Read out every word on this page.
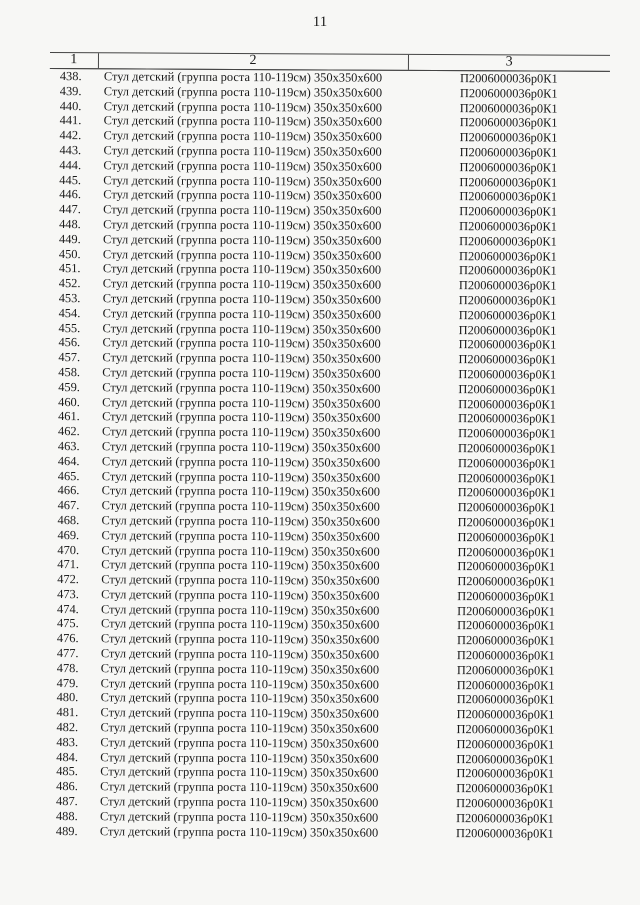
11
1	2	3
438.	Стул детский (группа роста 110-119см) 350х350х600	П2006000036р0К1
439.	Стул детский (группа роста 110-119см) 350х350х600	П2006000036р0К1
440.	Стул детский (группа роста 110-119см) 350х350х600	П2006000036р0К1
441.	Стул детский (группа роста 110-119см) 350х350х600	П2006000036р0К1
442.	Стул детский (группа роста 110-119см) 350х350х600	П2006000036р0К1
443.	Стул детский (группа роста 110-119см) 350х350х600	П2006000036р0К1
444.	Стул детский (группа роста 110-119см) 350х350х600	П2006000036р0К1
445.	Стул детский (группа роста 110-119см) 350х350х600	П2006000036р0К1
446.	Стул детский (группа роста 110-119см) 350х350х600	П2006000036р0К1
447.	Стул детский (группа роста 110-119см) 350х350х600	П2006000036р0К1
448.	Стул детский (группа роста 110-119см) 350х350х600	П2006000036р0К1
449.	Стул детский (группа роста 110-119см) 350х350х600	П2006000036р0К1
450.	Стул детский (группа роста 110-119см) 350х350х600	П2006000036р0К1
451.	Стул детский (группа роста 110-119см) 350х350х600	П2006000036р0К1
452.	Стул детский (группа роста 110-119см) 350х350х600	П2006000036р0К1
453.	Стул детский (группа роста 110-119см) 350х350х600	П2006000036р0К1
454.	Стул детский (группа роста 110-119см) 350х350х600	П2006000036р0К1
455.	Стул детский (группа роста 110-119см) 350х350х600	П2006000036р0К1
456.	Стул детский (группа роста 110-119см) 350х350х600	П2006000036р0К1
457.	Стул детский (группа роста 110-119см) 350х350х600	П2006000036р0К1
458.	Стул детский (группа роста 110-119см) 350х350х600	П2006000036р0К1
459.	Стул детский (группа роста 110-119см) 350х350х600	П2006000036р0К1
460.	Стул детский (группа роста 110-119см) 350х350х600	П2006000036р0К1
461.	Стул детский (группа роста 110-119см) 350х350х600	П2006000036р0К1
462.	Стул детский (группа роста 110-119см) 350х350х600	П2006000036р0К1
463.	Стул детский (группа роста 110-119см) 350х350х600	П2006000036р0К1
464.	Стул детский (группа роста 110-119см) 350х350х600	П2006000036р0К1
465.	Стул детский (группа роста 110-119см) 350х350х600	П2006000036р0К1
466.	Стул детский (группа роста 110-119см) 350х350х600	П2006000036р0К1
467.	Стул детский (группа роста 110-119см) 350х350х600	П2006000036р0К1
468.	Стул детский (группа роста 110-119см) 350х350х600	П2006000036р0К1
469.	Стул детский (группа роста 110-119см) 350х350х600	П2006000036р0К1
470.	Стул детский (группа роста 110-119см) 350х350х600	П2006000036р0К1
471.	Стул детский (группа роста 110-119см) 350х350х600	П2006000036р0К1
472.	Стул детский (группа роста 110-119см) 350х350х600	П2006000036р0К1
473.	Стул детский (группа роста 110-119см) 350х350х600	П2006000036р0К1
474.	Стул детский (группа роста 110-119см) 350х350х600	П2006000036р0К1
475.	Стул детский (группа роста 110-119см) 350х350х600	П2006000036р0К1
476.	Стул детский (группа роста 110-119см) 350х350х600	П2006000036р0К1
477.	Стул детский (группа роста 110-119см) 350х350х600	П2006000036р0К1
478.	Стул детский (группа роста 110-119см) 350х350х600	П2006000036р0К1
479.	Стул детский (группа роста 110-119см) 350х350х600	П2006000036р0К1
480.	Стул детский (группа роста 110-119см) 350х350х600	П2006000036р0К1
481.	Стул детский (группа роста 110-119см) 350х350х600	П2006000036р0К1
482.	Стул детский (группа роста 110-119см) 350х350х600	П2006000036р0К1
483.	Стул детский (группа роста 110-119см) 350х350х600	П2006000036р0К1
484.	Стул детский (группа роста 110-119см) 350х350х600	П2006000036р0К1
485.	Стул детский (группа роста 110-119см) 350х350х600	П2006000036р0К1
486.	Стул детский (группа роста 110-119см) 350х350х600	П2006000036р0К1
487.	Стул детский (группа роста 110-119см) 350х350х600	П2006000036р0К1
488.	Стул детский (группа роста 110-119см) 350х350х600	П2006000036р0К1
489.	Стул детский (группа роста 110-119см) 350х350х600	П2006000036р0К1
